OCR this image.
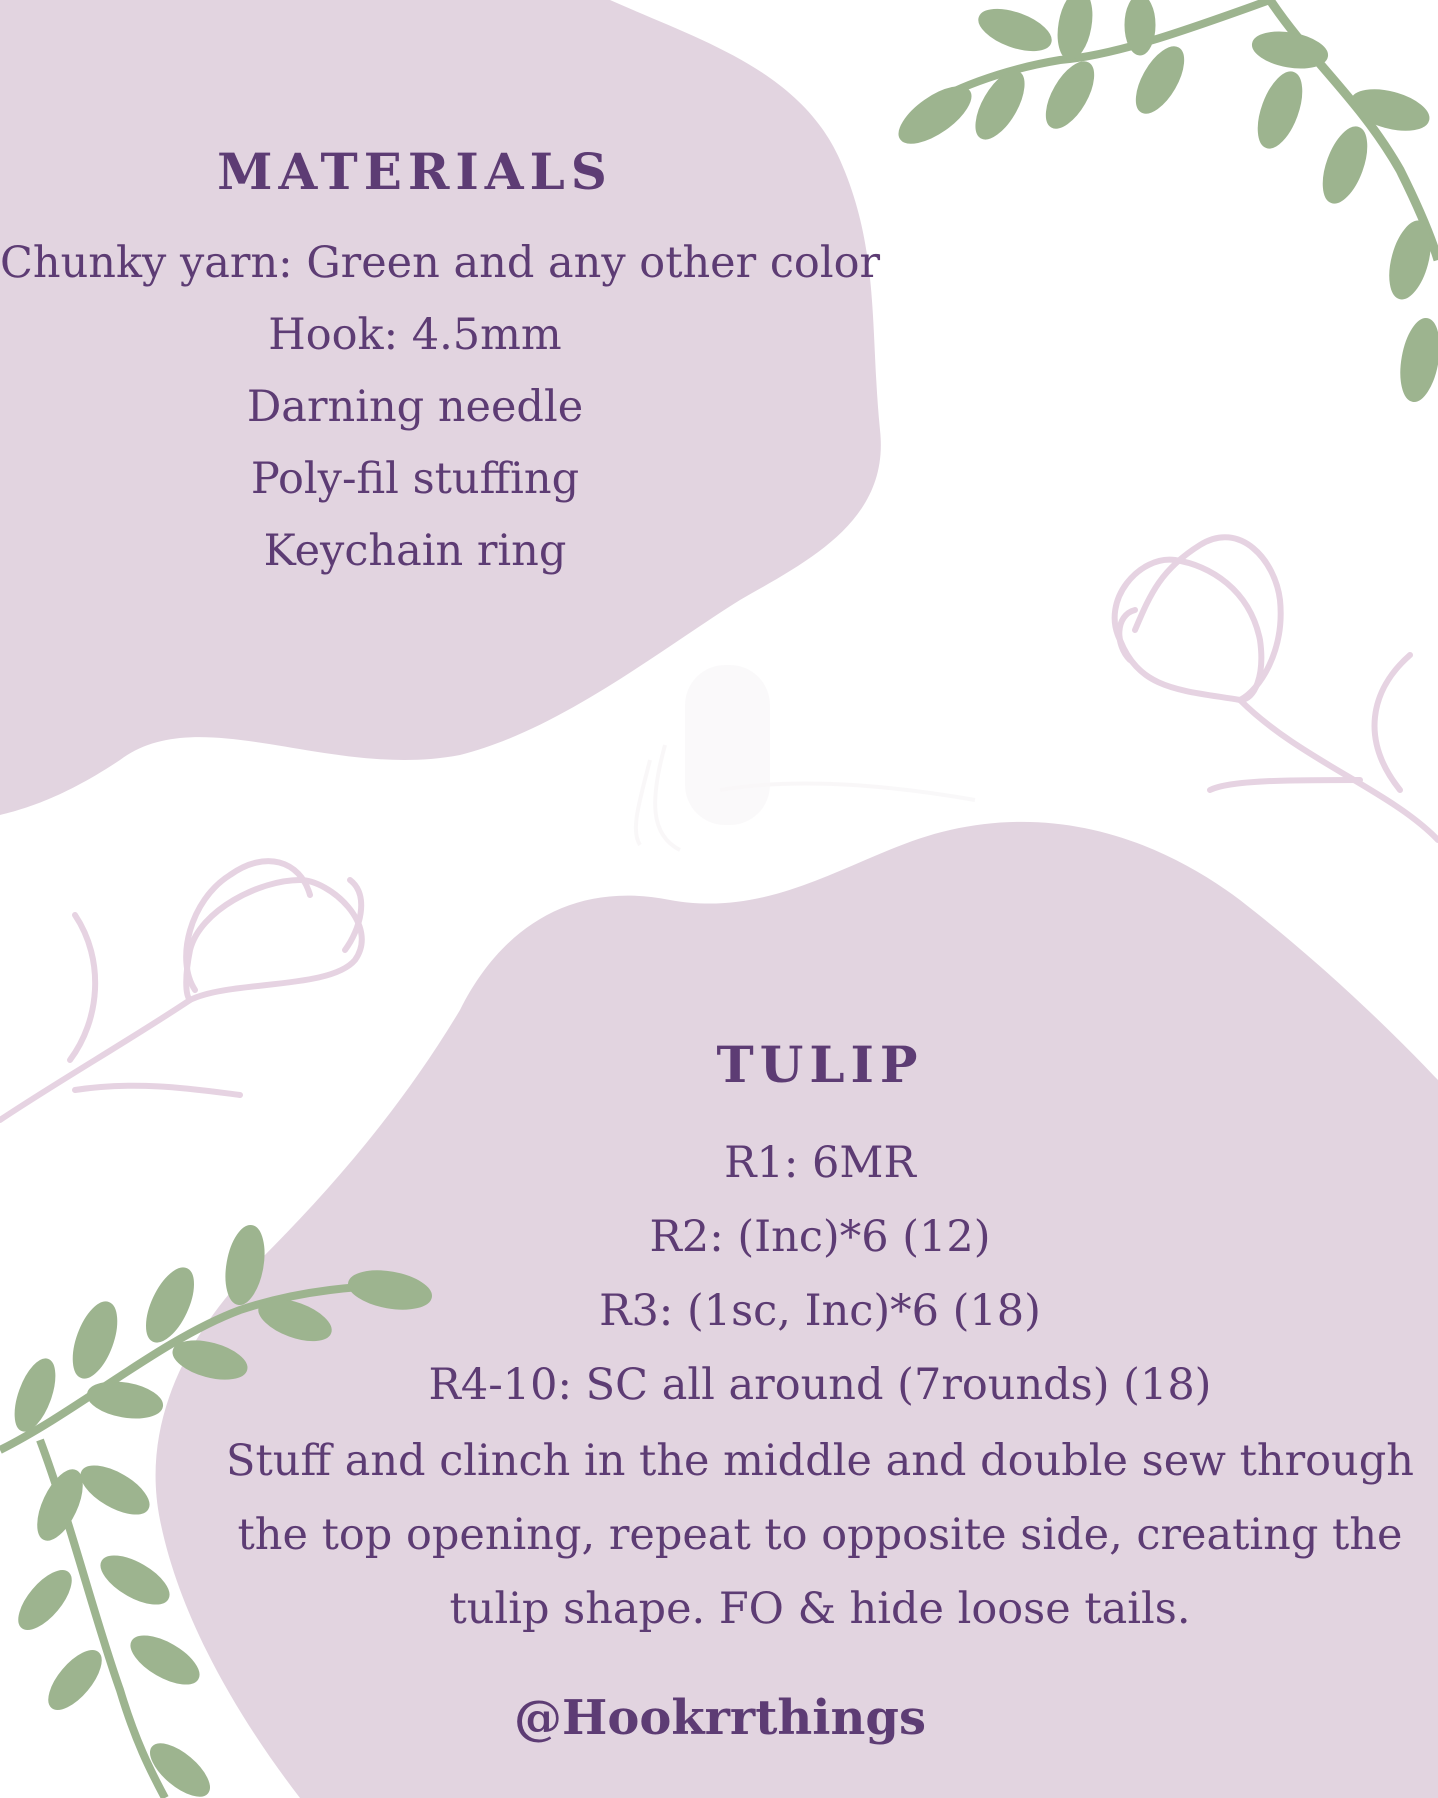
MATERIALS
Chunky yarn: Green and any other color
Hook: 4.5mm
Darning needle
Poly-fil stuffing
Keychain ring
TULIP
R1: 6MR
R2: (Inc)*6 (12)
R3: (1sc, Inc)*6 (18)
R4-10: SC all around (7rounds) (18)
Stuff and clinch in the middle and double sew through
the top opening, repeat to opposite side, creating the
tulip shape. FO & hide loose tails.
@Hookrrthings
